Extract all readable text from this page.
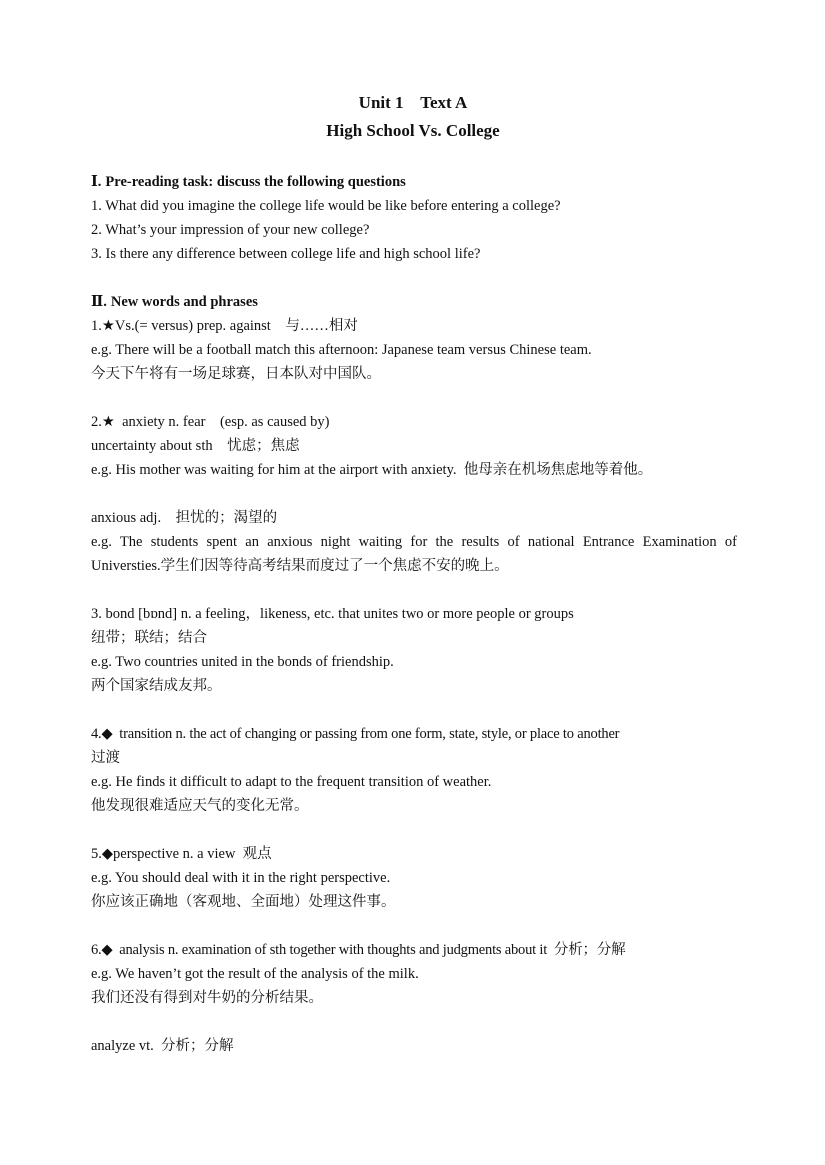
Unit 1    Text A
High School Vs. College
Ⅰ. Pre-reading task: discuss the following questions
1. What did you imagine the college life would be like before entering a college?
2. What’s your impression of your new college?
3. Is there any difference between college life and high school life?
Ⅱ. New words and phrases
1.★Vs.(= versus) prep. against    与……相对
e.g. There will be a football match this afternoon: Japanese team versus Chinese team.
今天下午将有一场足球赛，日本队对中国队。
2.★  anxiety n. fear    (esp. as caused by)
uncertainty about sth    忧虑；焦虑
e.g. His mother was waiting for him at the airport with anxiety.  他母亲在机场焦虑地等着他。
anxious adj.    担忧的；渴望的
e.g. The students spent an anxious night waiting for the results of national Entrance Examination of Universties.学生们因等待高考结果而度过了一个焦虑不安的晚上。
3. bond [bɒnd] n. a feeling，likeness, etc. that unites two or more people or groups
纽带；联结；结合
e.g. Two countries united in the bonds of friendship.
两个国家结成友邦。
4.◆  transition n. the act of changing or passing from one form, state, style, or place to another
过渡
e.g. He finds it difficult to adapt to the frequent transition of weather.
他发现很难适应天气的变化无常。
5.◆perspective n. a view  观点
e.g. You should deal with it in the right perspective.
你应该正确地（客观地、全面地）处理这件事。
6.◆  analysis n. examination of sth together with thoughts and judgments about it  分析；分解
e.g. We haven’t got the result of the analysis of the milk.
我们还没有得到对牛奶的分析结果。
analyze vt.  分析；分解
